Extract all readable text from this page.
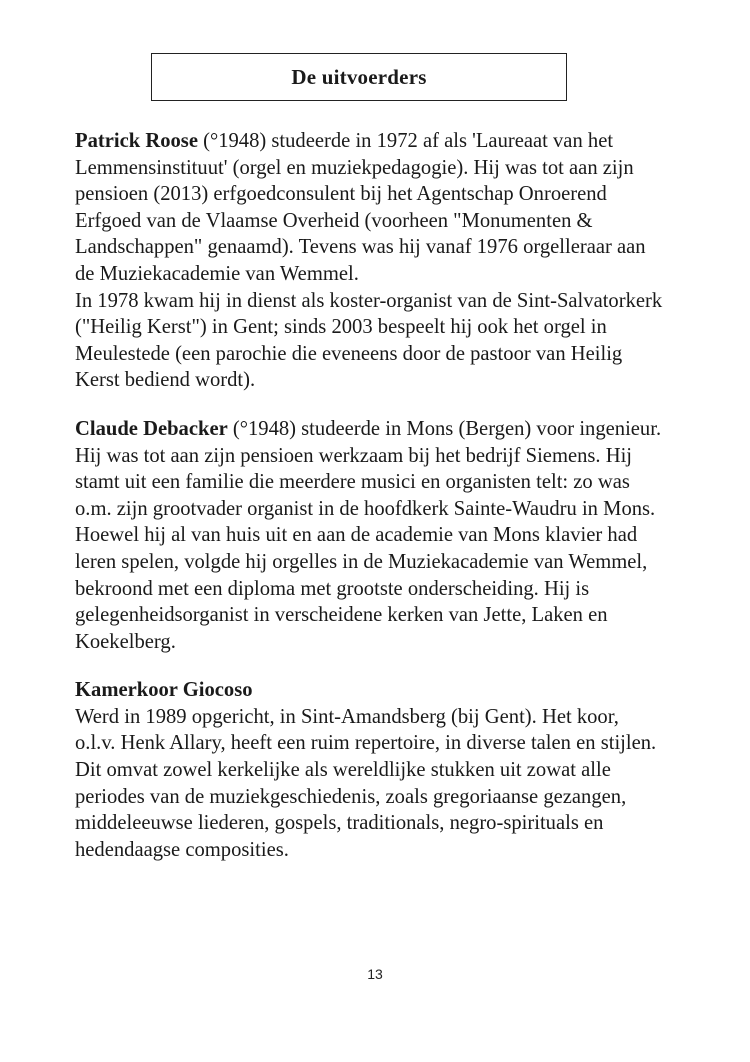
De uitvoerders

Patrick Roose (°1948) studeerde in 1972 af als 'Laureaat van het
Lemmensinstituut' (orgel en muziekpedagogie). Hij was tot aan zijn
pensioen (2013) erfgoedconsulent bij het Agentschap Onroerend
Erfgoed van de Vlaamse Overheid (voorheen "Monumenten &
Landschappen" genaamd). Tevens was hij vanaf 1976 orgelleraar aan
de Muziekacademie van Wemmel.
In 1978 kwam hij in dienst als koster-organist van de Sint-Salvatorkerk
("Heilig Kerst") in Gent; sinds 2003 bespeelt hij ook het orgel in
Meulestede (een parochie die eveneens door de pastoor van Heilig
Kerst bediend wordt).

Claude Debacker (°1948) studeerde in Mons (Bergen) voor ingenieur.
Hij was tot aan zijn pensioen werkzaam bij het bedrijf Siemens. Hij
stamt uit een familie die meerdere musici en organisten telt: zo was
o.m. zijn grootvader organist in de hoofdkerk Sainte-Waudru in Mons.
Hoewel hij al van huis uit en aan de academie van Mons klavier had
leren spelen, volgde hij orgelles in de Muziekacademie van Wemmel,
bekroond met een diploma met grootste onderscheiding. Hij is
gelegenheidsorganist in verscheidene kerken van Jette, Laken en
Koekelberg.

Kamerkoor Giocoso
Werd in 1989 opgericht, in Sint-Amandsberg (bij Gent). Het koor,
o.l.v. Henk Allary, heeft een ruim repertoire, in diverse talen en stijlen.
Dit omvat zowel kerkelijke als wereldlijke stukken uit zowat alle
periodes van de muziekgeschiedenis, zoals gregoriaanse gezangen,
middeleeuwse liederen, gospels, traditionals, negro-spirituals en
hedendaagse composities.

13
